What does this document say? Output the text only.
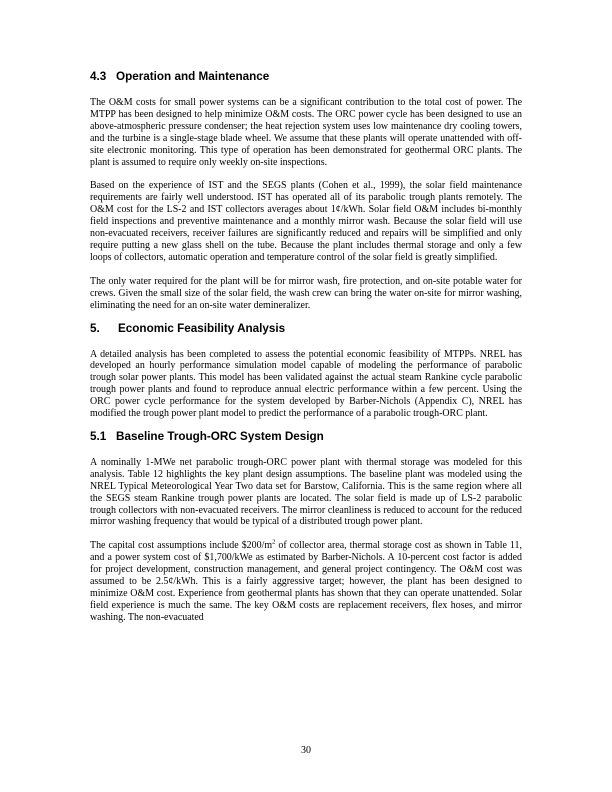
4.3 Operation and Maintenance

The O&M costs for small power systems can be a significant contribution to the total cost of power. The MTPP has been designed to help minimize O&M costs. The ORC power cycle has been designed to use an above-atmospheric pressure condenser; the heat rejection system uses low maintenance dry cooling towers, and the turbine is a single-stage blade wheel. We assume that these plants will operate unattended with off-site electronic monitoring. This type of operation has been demonstrated for geothermal ORC plants. The plant is assumed to require only weekly on-site inspections.

Based on the experience of IST and the SEGS plants (Cohen et al., 1999), the solar field maintenance requirements are fairly well understood. IST has operated all of its parabolic trough plants remotely. The O&M cost for the LS-2 and IST collectors averages about 1¢/kWh. Solar field O&M includes bi-monthly field inspections and preventive maintenance and a monthly mirror wash. Because the solar field will use non-evacuated receivers, receiver failures are significantly reduced and repairs will be simplified and only require putting a new glass shell on the tube. Because the plant includes thermal storage and only a few loops of collectors, automatic operation and temperature control of the solar field is greatly simplified.

The only water required for the plant will be for mirror wash, fire protection, and on-site potable water for crews. Given the small size of the solar field, the wash crew can bring the water on-site for mirror washing, eliminating the need for an on-site water demineralizer.

5. Economic Feasibility Analysis

A detailed analysis has been completed to assess the potential economic feasibility of MTPPs. NREL has developed an hourly performance simulation model capable of modeling the performance of parabolic trough solar power plants. This model has been validated against the actual steam Rankine cycle parabolic trough power plants and found to reproduce annual electric performance within a few percent. Using the ORC power cycle performance for the system developed by Barber-Nichols (Appendix C), NREL has modified the trough power plant model to predict the performance of a parabolic trough-ORC plant.

5.1 Baseline Trough-ORC System Design

A nominally 1-MWe net parabolic trough-ORC power plant with thermal storage was modeled for this analysis. Table 12 highlights the key plant design assumptions. The baseline plant was modeled using the NREL Typical Meteorological Year Two data set for Barstow, California. This is the same region where all the SEGS steam Rankine trough power plants are located. The solar field is made up of LS-2 parabolic trough collectors with non-evacuated receivers. The mirror cleanliness is reduced to account for the reduced mirror washing frequency that would be typical of a distributed trough power plant.

The capital cost assumptions include $\$200/m^2$ of collector area, thermal storage cost as shown in Table 11, and a power system cost of $1,700/kWe as estimated by Barber-Nichols. A 10-percent cost factor is added for project development, construction management, and general project contingency. The O&M cost was assumed to be 2.5¢/kWh. This is a fairly aggressive target; however, the plant has been designed to minimize O&M cost. Experience from geothermal plants has shown that they can operate unattended. Solar field experience is much the same. The key O&M costs are replacement receivers, flex hoses, and mirror washing. The non-evacuated

30
